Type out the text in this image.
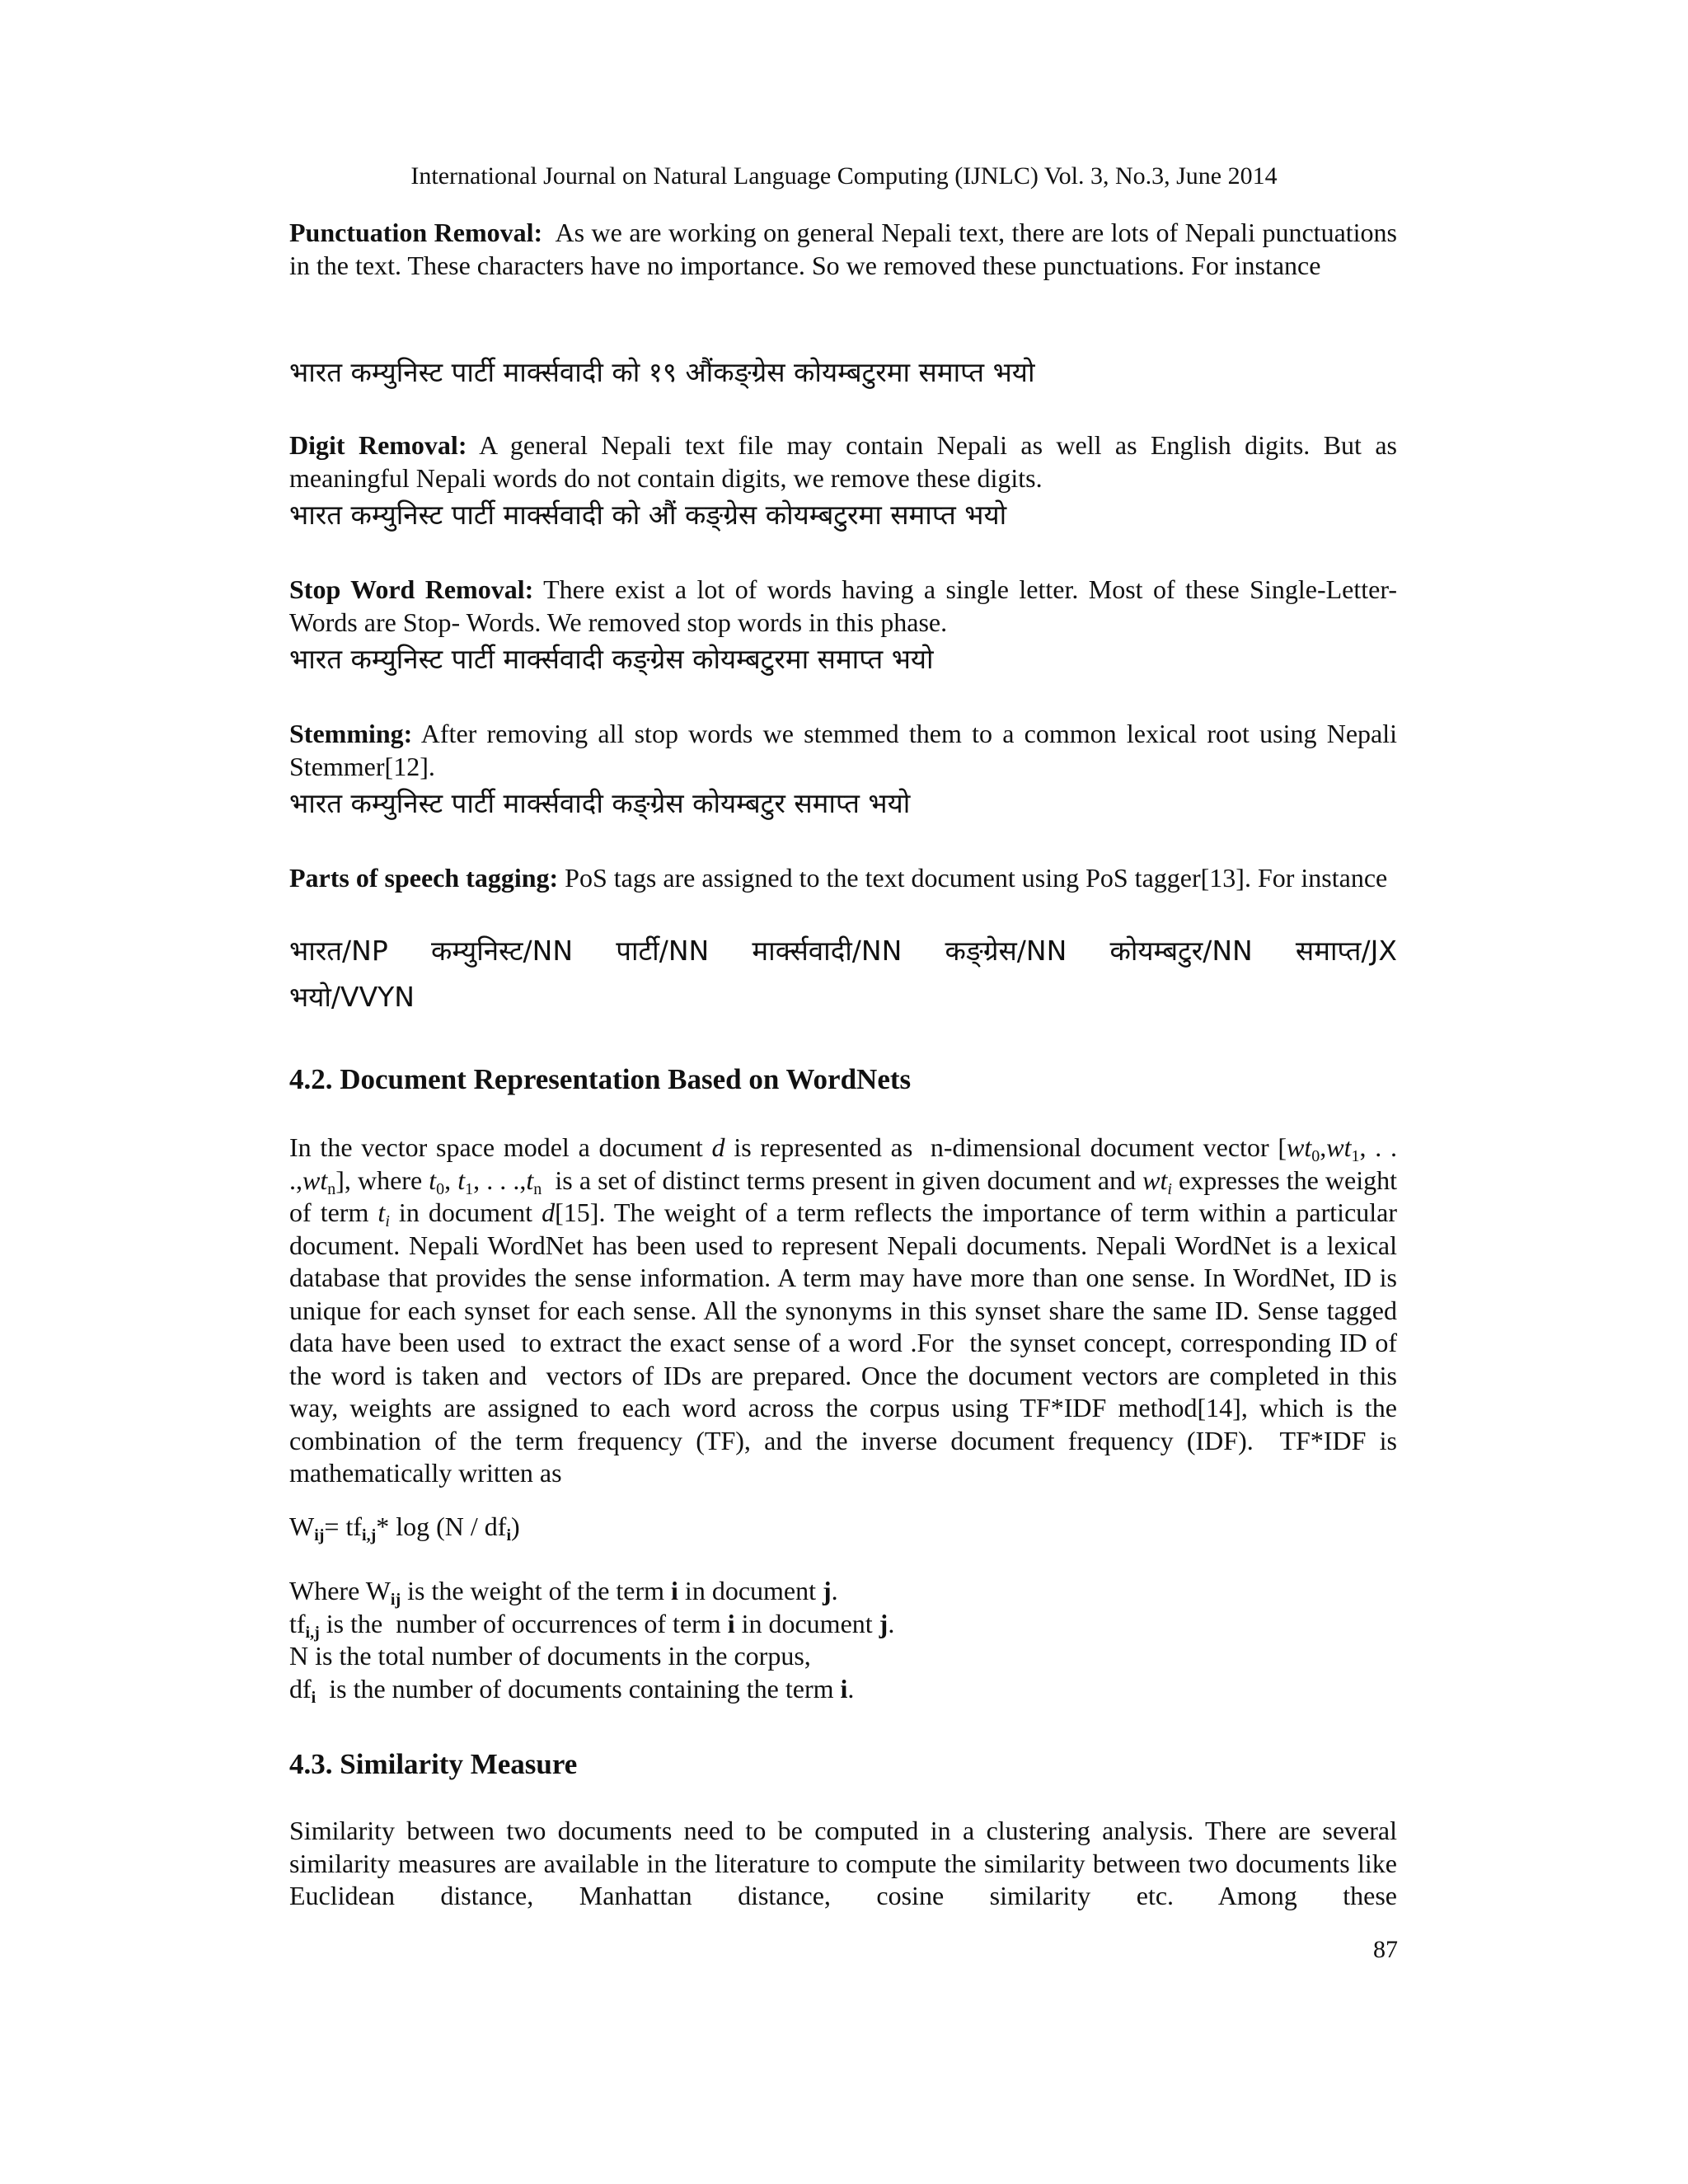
International Journal on Natural Language Computing (IJNLC) Vol. 3, No.3, June 2014

Punctuation Removal: As we are working on general Nepali text, there are lots of Nepali punctuations in the text. These characters have no importance. So we removed these punctuations. For instance

भारत कम्युनिस्ट पार्टी मार्क्सवादी को १९ औंकङ्ग्रेस कोयम्बटुरमा समाप्त भयो

Digit Removal: A general Nepali text file may contain Nepali as well as English digits. But as meaningful Nepali words do not contain digits, we remove these digits.

भारत कम्युनिस्ट पार्टी मार्क्सवादी को औं कङ्ग्रेस कोयम्बटुरमा समाप्त भयो

Stop Word Removal: There exist a lot of words having a single letter. Most of these Single-Letter-Words are Stop- Words. We removed stop words in this phase.

भारत कम्युनिस्ट पार्टी मार्क्सवादी कङ्ग्रेस कोयम्बटुरमा समाप्त भयो

Stemming: After removing all stop words we stemmed them to a common lexical root using Nepali Stemmer[12].

भारत कम्युनिस्ट पार्टी मार्क्सवादी कङ्ग्रेस कोयम्बटुर समाप्त भयो

Parts of speech tagging: PoS tags are assigned to the text document using PoS tagger[13]. For instance

भारत/NP कम्युनिस्ट/NN पार्टी/NN मार्क्सवादी/NN कङ्ग्रेस/NN कोयम्बटुर/NN समाप्त/JX
भयो/VVYN
4.2. Document Representation Based on WordNets

In the vector space model a document d is represented as  n-dimensional document vector [$wt_0,wt_1$, . . $.,wt_n$], where $t_0$, $t_1$, . . $.,t_n$  is a set of distinct terms present in given document and $wt_i$ expresses the weight of term $t_i$ in document d[15]. The weight of a term reflects the importance of term within a particular document. Nepali WordNet has been used to represent Nepali documents. Nepali WordNet is a lexical database that provides the sense information. A term may have more than one sense. In WordNet, ID is unique for each synset for each sense. All the synonyms in this synset share the same ID. Sense tagged data have been used  to extract the exact sense of a word .For  the synset concept, corresponding ID of the word is taken and  vectors of IDs are prepared. Once the document vectors are completed in this way, weights are assigned to each word across the corpus using TF*IDF method[14], which is the combination of the term frequency (TF), and the inverse document frequency (IDF).  TF*IDF is mathematically written as

$W_{ij}= tf_{i,j}*$ $\log (N / df_i)$

Where $W_{ij}$ is the weight of the term i in document j.

$tf_{i,j}$ is the  number of occurrences of term i in document j.

N is the total number of documents in the corpus,

$df_i$  is the number of documents containing the term i.

4.3. Similarity Measure

Similarity between two documents need to be computed in a clustering analysis. There are several similarity measures are available in the literature to compute the similarity between two documents like Euclidean distance, Manhattan distance, cosine similarity etc. Among these

87
